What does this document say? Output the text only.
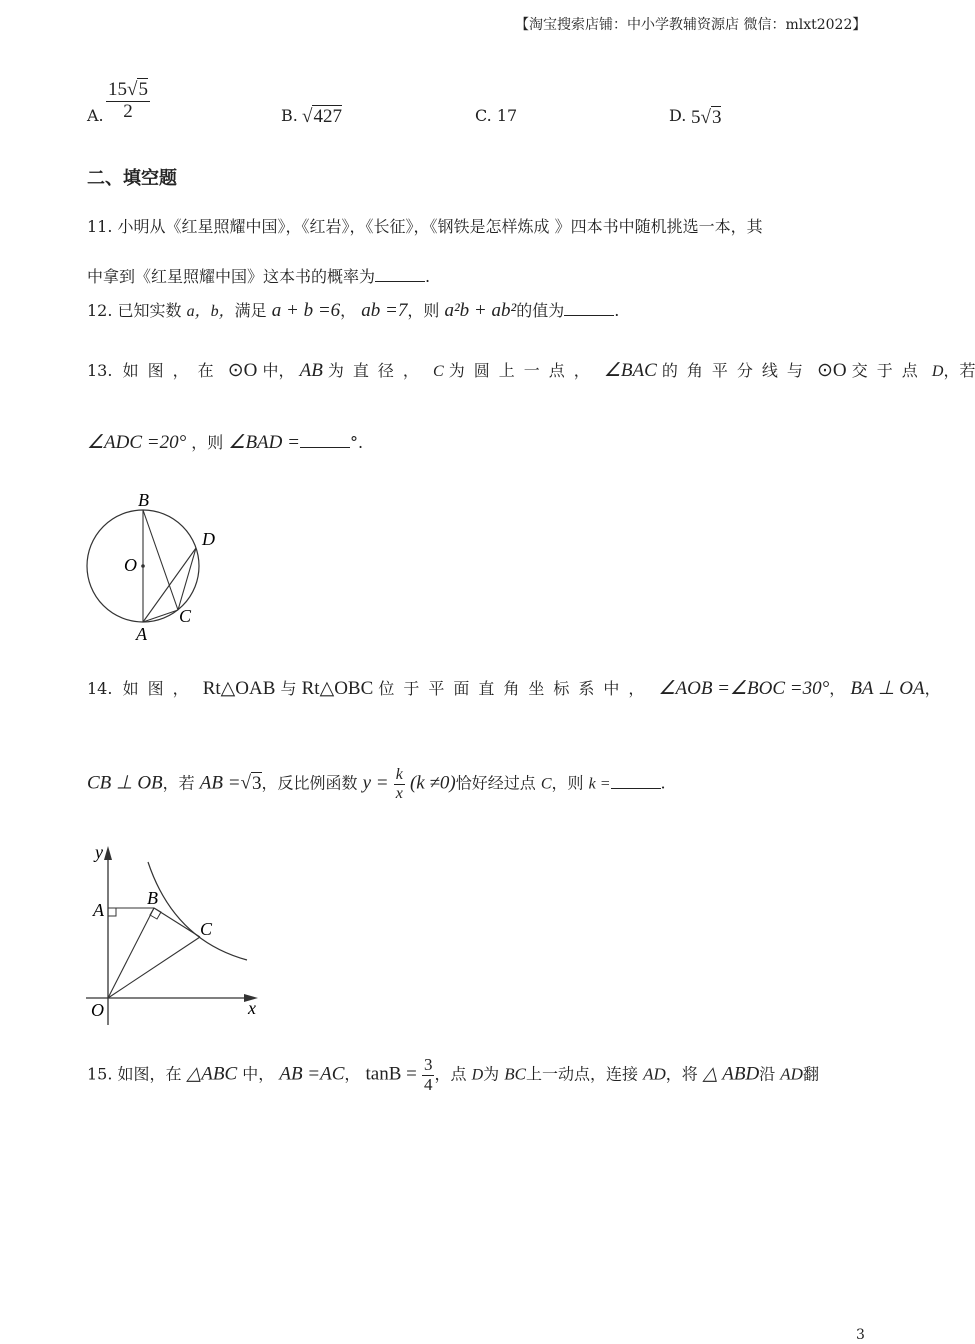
【淘宝搜索店铺：中小学教辅资源店 微信：mlxt2022】
A. $\frac{15√5}{2}$	B. √427	C. 17	D. 5√3
二、填空题
11. 小明从《红星照耀中国》，《红岩》，《长征》，《钢铁是怎样炼成 》四本书中随机挑选一本，其
中拿到《红星照耀中国》这本书的概率为	.
12. 已知实数 a，b，满足 a + b =6， ab =7，则 a²b + ab²的值为	.
13. 如图，在 ⊙O 中， AB 为直径， C 为圆上一点， ∠BAC 的角平分线与 ⊙O 交于点 D，若
∠ADC =20° ，则 ∠BAD =	°.
B
D
O
C
A
14. 如图， Rt△OAB 与 Rt△OBC 位于平面直角坐标系中， ∠AOB =∠BOC =30°， BA ⊥ OA，
CB ⊥ OB，若 AB =√3，反比例函数 $y = \frac{k}{x} (k \ne 0)$恰好经过点 C，则 k =	.
y
A
B
C
O	x
15. 如图，在 △ABC 中， AB =AC， $\tan B = \frac{3}{4}$ ，点 D为 BC上一动点，连接 AD，将 △ ABD沿 AD翻
3
